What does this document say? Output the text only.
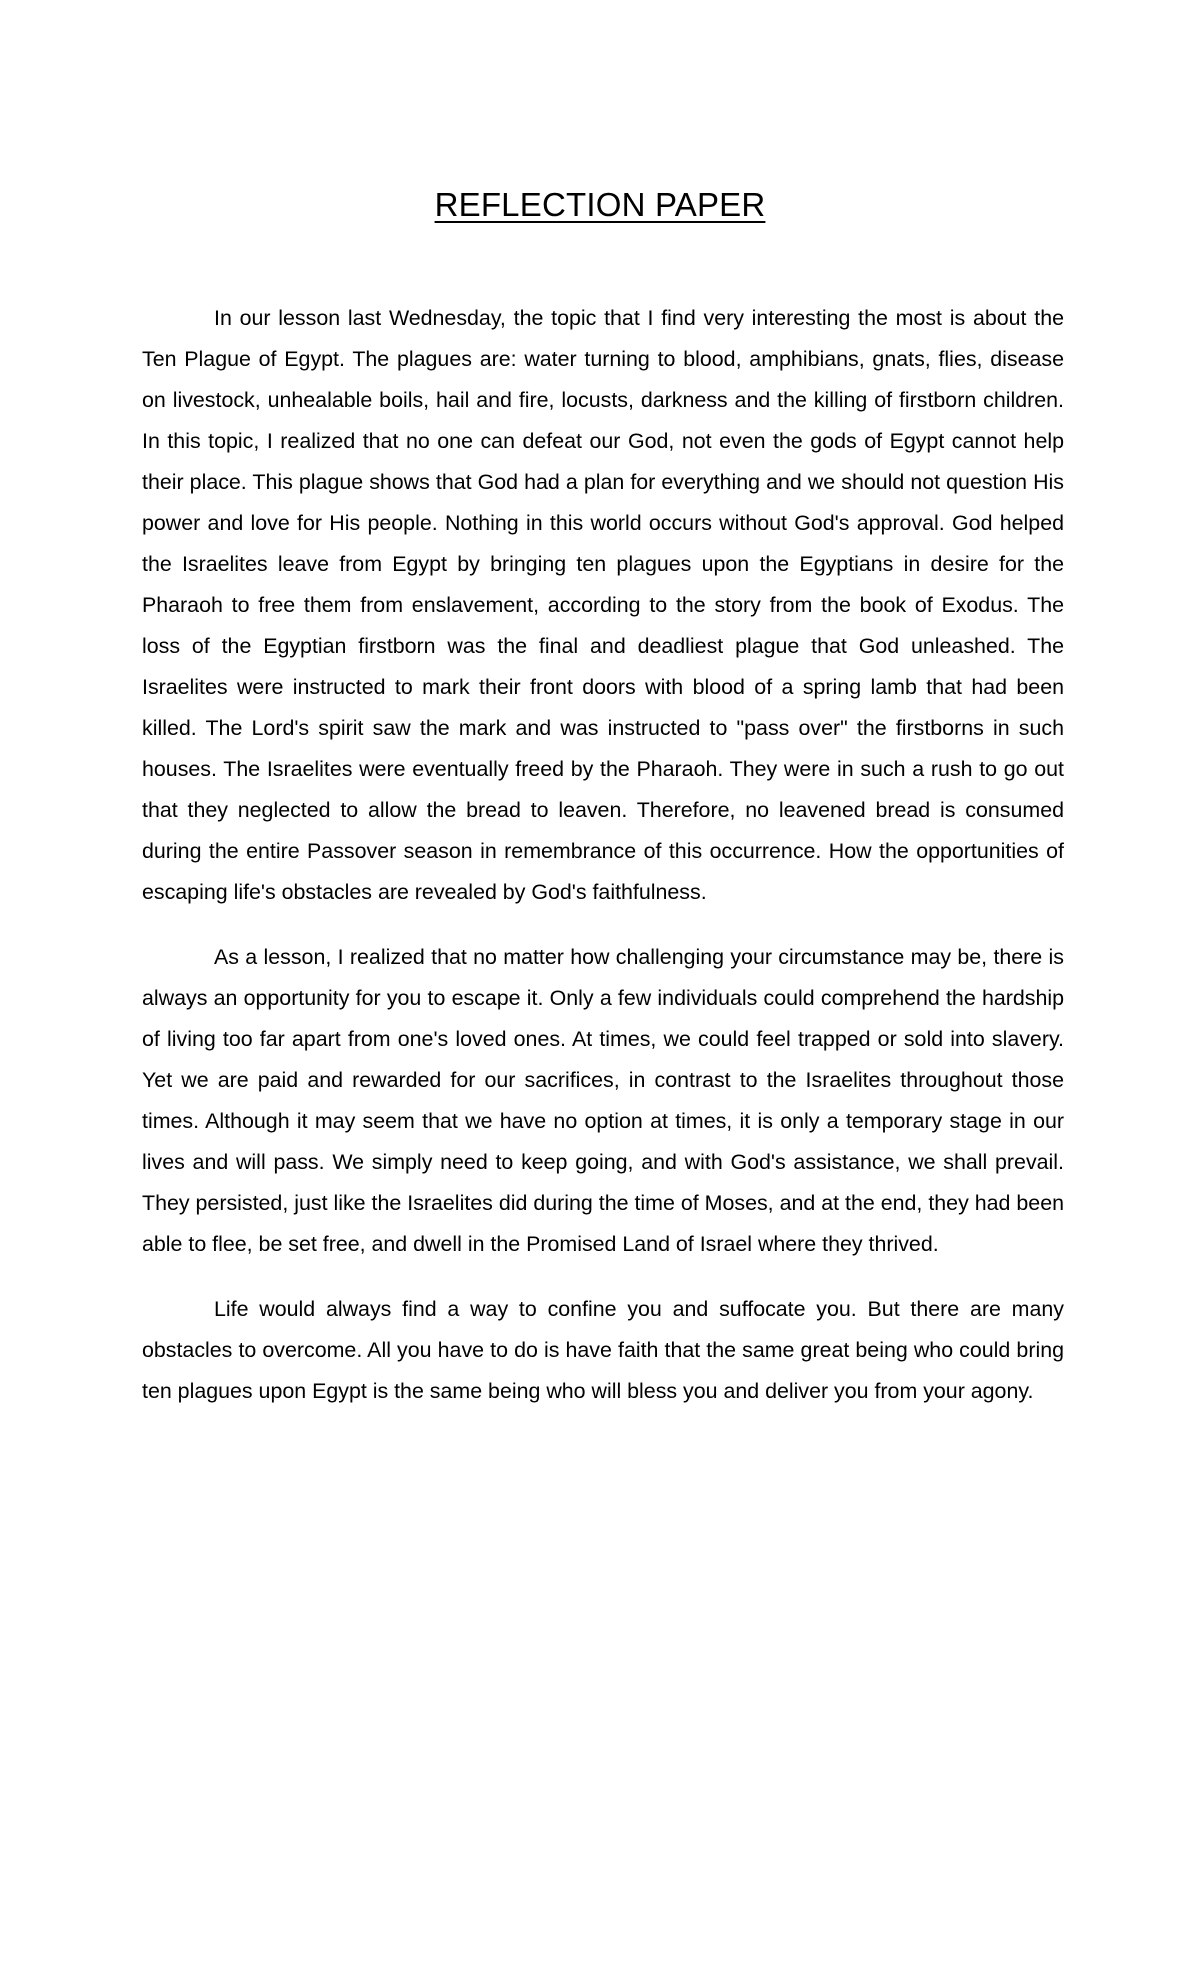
REFLECTION PAPER

In our lesson last Wednesday, the topic that I find very interesting the most is about the Ten Plague of Egypt. The plagues are: water turning to blood, amphibians, gnats, flies, disease on livestock, unhealable boils, hail and fire, locusts, darkness and the killing of firstborn children. In this topic, I realized that no one can defeat our God, not even the gods of Egypt cannot help their place. This plague shows that God had a plan for everything and we should not question His power and love for His people. Nothing in this world occurs without God's approval. God helped the Israelites leave from Egypt by bringing ten plagues upon the Egyptians in desire for the Pharaoh to free them from enslavement, according to the story from the book of Exodus. The loss of the Egyptian firstborn was the final and deadliest plague that God unleashed. The Israelites were instructed to mark their front doors with blood of a spring lamb that had been killed. The Lord's spirit saw the mark and was instructed to "pass over" the firstborns in such houses. The Israelites were eventually freed by the Pharaoh. They were in such a rush to go out that they neglected to allow the bread to leaven. Therefore, no leavened bread is consumed during the entire Passover season in remembrance of this occurrence. How the opportunities of escaping life's obstacles are revealed by God's faithfulness.

As a lesson, I realized that no matter how challenging your circumstance may be, there is always an opportunity for you to escape it. Only a few individuals could comprehend the hardship of living too far apart from one's loved ones. At times, we could feel trapped or sold into slavery. Yet we are paid and rewarded for our sacrifices, in contrast to the Israelites throughout those times. Although it may seem that we have no option at times, it is only a temporary stage in our lives and will pass. We simply need to keep going, and with God's assistance, we shall prevail. They persisted, just like the Israelites did during the time of Moses, and at the end, they had been able to flee, be set free, and dwell in the Promised Land of Israel where they thrived.

Life would always find a way to confine you and suffocate you. But there are many obstacles to overcome. All you have to do is have faith that the same great being who could bring ten plagues upon Egypt is the same being who will bless you and deliver you from your agony.
